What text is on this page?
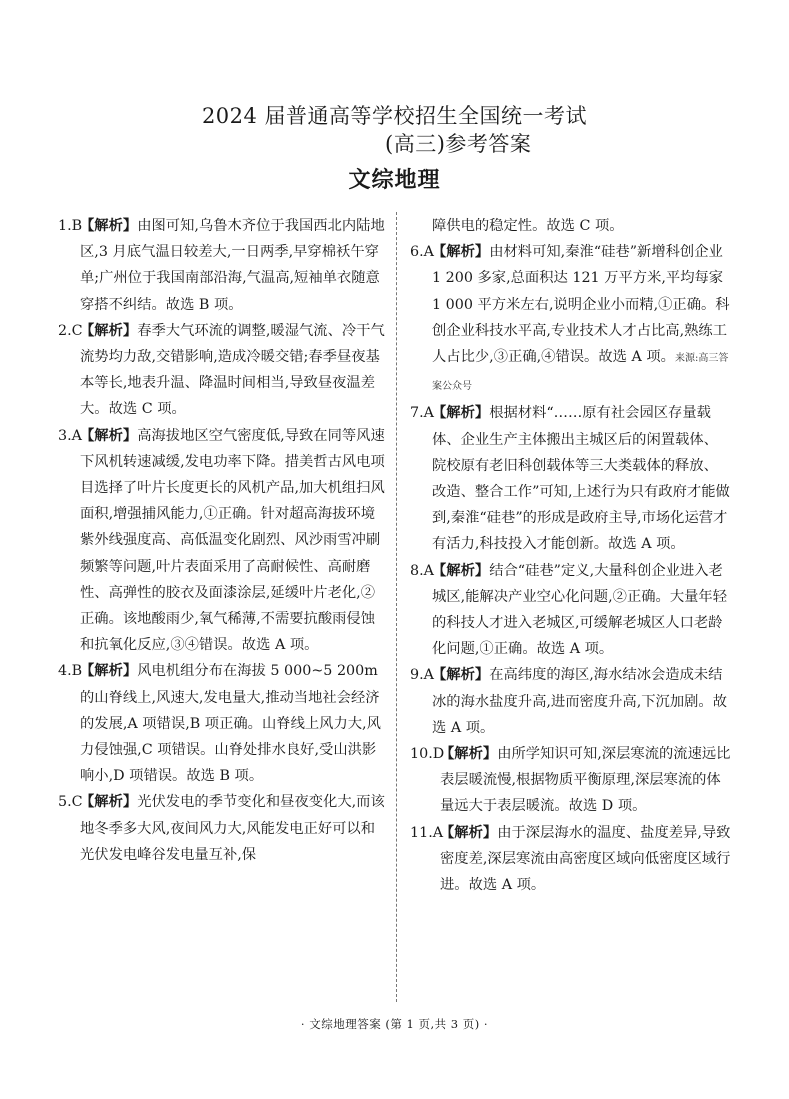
2024 届普通高等学校招生全国统一考试
(高三)参考答案
文综地理
1.B
【解析】由图可知,乌鲁木齐位于我国西北内陆地区,3 月底气温日较差大,一日两季,早穿棉袄午穿单;广州位于我国南部沿海,气温高,短袖单衣随意穿搭不纠结。故选 B 项。
2.C
【解析】春季大气环流的调整,暖湿气流、冷干气流势均力敌,交错影响,造成冷暖交错;春季昼夜基本等长,地表升温、降温时间相当,导致昼夜温差大。故选 C 项。
3.A
【解析】高海拔地区空气密度低,导致在同等风速下风机转速减缓,发电功率下降。措美哲古风电项目选择了叶片长度更长的风机产品,加大机组扫风面积,增强捕风能力,①正确。针对超高海拔环境紫外线强度高、高低温变化剧烈、风沙雨雪冲刷频繁等问题,叶片表面采用了高耐候性、高耐磨性、高弹性的胶衣及面漆涂层,延缓叶片老化,②正确。该地酸雨少,氧气稀薄,不需要抗酸雨侵蚀和抗氧化反应,③④错误。故选 A 项。
4.B
【解析】风电机组分布在海拔 5 000~5 200m 的山脊线上,风速大,发电量大,推动当地社会经济的发展,A 项错误,B 项正确。山脊线上风力大,风力侵蚀强,C 项错误。山脊处排水良好,受山洪影响小,D 项错误。故选 B 项。
5.C
【解析】光伏发电的季节变化和昼夜变化大,而该地冬季多大风,夜间风力大,风能发电正好可以和光伏发电峰谷发电量互补,保
障供电的稳定性。故选 C 项。
6.A
【解析】由材料可知,秦淮“硅巷”新增科创企业 1 200 多家,总面积达 121 万平方米,平均每家 1 000 平方米左右,说明企业小而精,①正确。科创企业科技水平高,专业技术人才占比高,熟练工人占比少,③正确,④错误。故选 A 项。来源:高三答案公众号
7.A
【解析】根据材料“……原有社会园区存量载体、企业生产主体搬出主城区后的闲置载体、院校原有老旧科创载体等三大类载体的释放、改造、整合工作”可知,上述行为只有政府才能做到,秦淮“硅巷”的形成是政府主导,市场化运营才有活力,科技投入才能创新。故选 A 项。
8.A
【解析】结合“硅巷”定义,大量科创企业进入老城区,能解决产业空心化问题,②正确。大量年轻的科技人才进入老城区,可缓解老城区人口老龄化问题,①正确。故选 A 项。
9.A
【解析】在高纬度的海区,海水结冰会造成未结冰的海水盐度升高,进而密度升高,下沉加剧。故选 A 项。
10.D
【解析】由所学知识可知,深层寒流的流速远比表层暖流慢,根据物质平衡原理,深层寒流的体量远大于表层暖流。故选 D 项。
11.A
【解析】由于深层海水的温度、盐度差异,导致密度差,深层寒流由高密度区域向低密度区域行进。故选 A 项。
· 文综地理答案 (第 1 页,共 3 页) ·
